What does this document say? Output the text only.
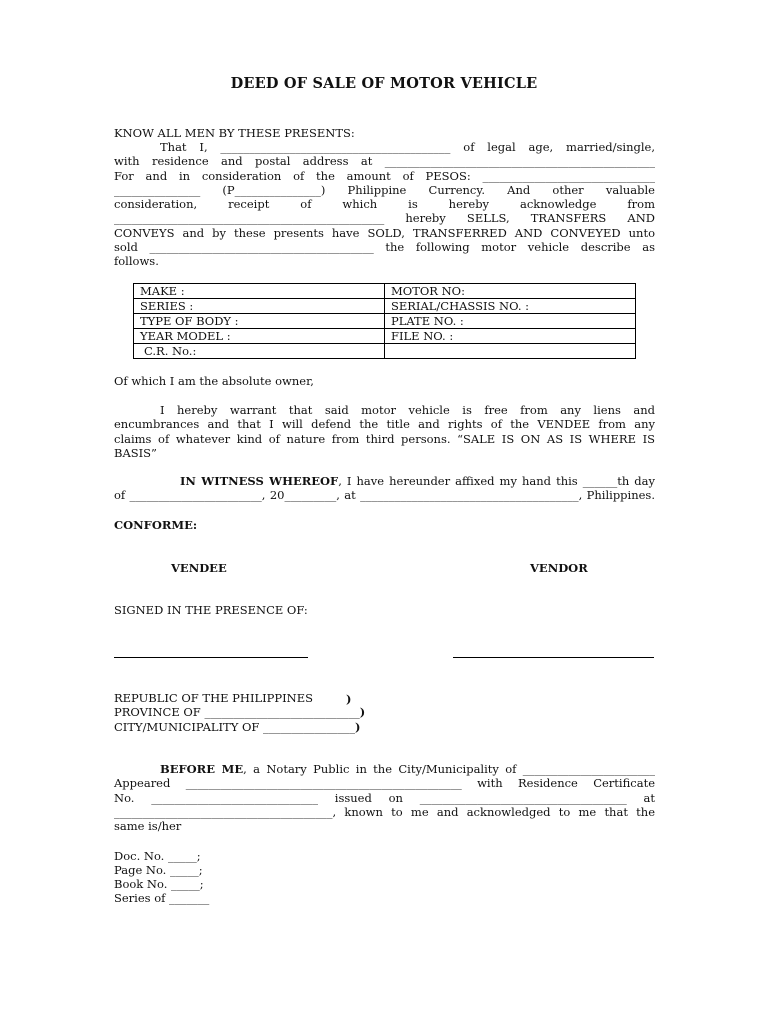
DEED OF SALE OF MOTOR VEHICLE
KNOW ALL MEN BY THESE PRESENTS:
That I, ________________________________________ of legal age, married/single,
with residence and postal address at _______________________________________________
For and in consideration of the amount of PESOS: ______________________________
_______________ (P_______________) Philippine Currency. And other valuable
consideration, receipt of which is hereby acknowledge from
_______________________________________________ hereby SELLS, TRANSFERS AND
CONVEYS and by these presents have SOLD, TRANSFERRED AND CONVEYED unto
sold _______________________________________ the following motor vehicle describe as
follows.
MAKE :	MOTOR NO:
SERIES :	SERIAL/CHASSIS NO. :
TYPE OF BODY :	PLATE NO. :
YEAR MODEL :	FILE NO. :
C.R. No.:	
Of which I am the absolute owner,
I hereby warrant that said motor vehicle is free from any liens and
encumbrances and that I will defend the title and rights of the VENDEE from any
claims of whatever kind of nature from third persons. “SALE IS ON AS IS WHERE IS
BASIS”
IN WITNESS WHEREOF, I have hereunder affixed my hand this ______th day
of _______________________, 20_________, at ______________________________________, Philippines.
CONFORME:
VENDEE	VENDOR
SIGNED IN THE PRESENCE OF:
REPUBLIC OF THE PHILIPPINES	)
PROVINCE OF ___________________________)
CITY/MUNICIPALITY OF ________________)
BEFORE ME, a Notary Public in the City/Municipality of _______________________
Appeared ________________________________________________ with Residence Certificate
No. _____________________________ issued on ____________________________________ at
______________________________________, known to me and acknowledged to me that the
same is/her
Doc. No. _____;
Page No. _____;
Book No. _____;
Series of _______
